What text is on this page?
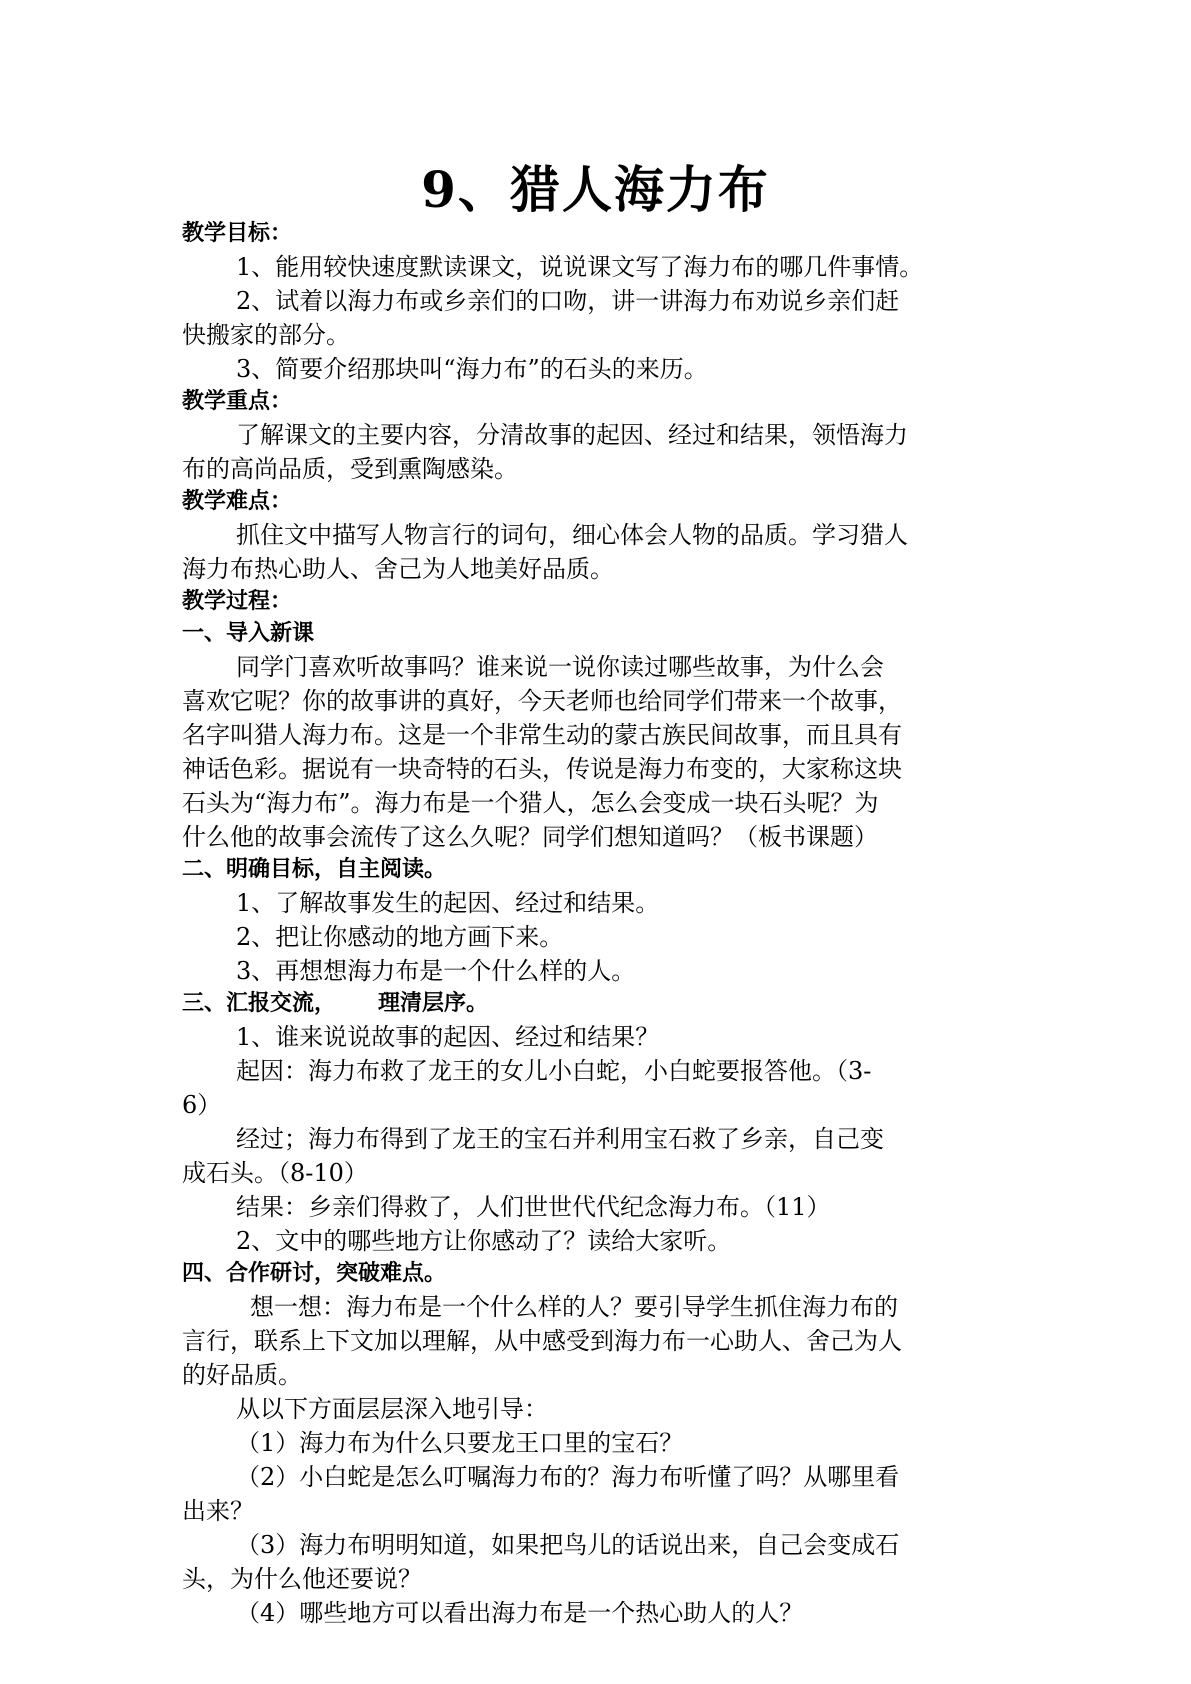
9、猎人海力布
教学目标：

1、能用较快速度默读课文，说说课文写了海力布的哪几件事情。

2、试着以海力布或乡亲们的口吻，讲一讲海力布劝说乡亲们赶

快搬家的部分。

3、简要介绍那块叫“海力布”的石头的来历。

教学重点：

了解课文的主要内容，分清故事的起因、经过和结果，领悟海力

布的高尚品质，受到熏陶感染。

教学难点：

抓住文中描写人物言行的词句，细心体会人物的品质。学习猎人

海力布热心助人、舍己为人地美好品质。

教学过程：
一、导入新课

同学门喜欢听故事吗？谁来说一说你读过哪些故事，为什么会

喜欢它呢？你的故事讲的真好，今天老师也给同学们带来一个故事，

名字叫猎人海力布。这是一个非常生动的蒙古族民间故事，而且具有

神话色彩。据说有一块奇特的石头，传说是海力布变的，大家称这块

石头为“海力布”。海力布是一个猎人，怎么会变成一块石头呢？为

什么他的故事会流传了这么久呢？同学们想知道吗？（板书课题）

二、明确目标，自主阅读。

1、了解故事发生的起因、经过和结果。

2、把让你感动的地方画下来。

3、再想想海力布是一个什么样的人。

三、汇报交流， 理清层序。

1、谁来说说故事的起因、经过和结果？

起因：海力布救了龙王的女儿小白蛇，小白蛇要报答他。（3-

6）

经过；海力布得到了龙王的宝石并利用宝石救了乡亲，自己变

成石头。（8-10）

结果：乡亲们得救了，人们世世代代纪念海力布。（11）

2、文中的哪些地方让你感动了？读给大家听。

四、合作研讨，突破难点。

想一想：海力布是一个什么样的人？要引导学生抓住海力布的

言行，联系上下文加以理解，从中感受到海力布一心助人、舍己为人

的好品质。

从以下方面层层深入地引导：

（1）海力布为什么只要龙王口里的宝石？

（2）小白蛇是怎么叮嘱海力布的？海力布听懂了吗？从哪里看

出来？

（3）海力布明明知道，如果把鸟儿的话说出来，自己会变成石

头，为什么他还要说？

（4）哪些地方可以看出海力布是一个热心助人的人？
